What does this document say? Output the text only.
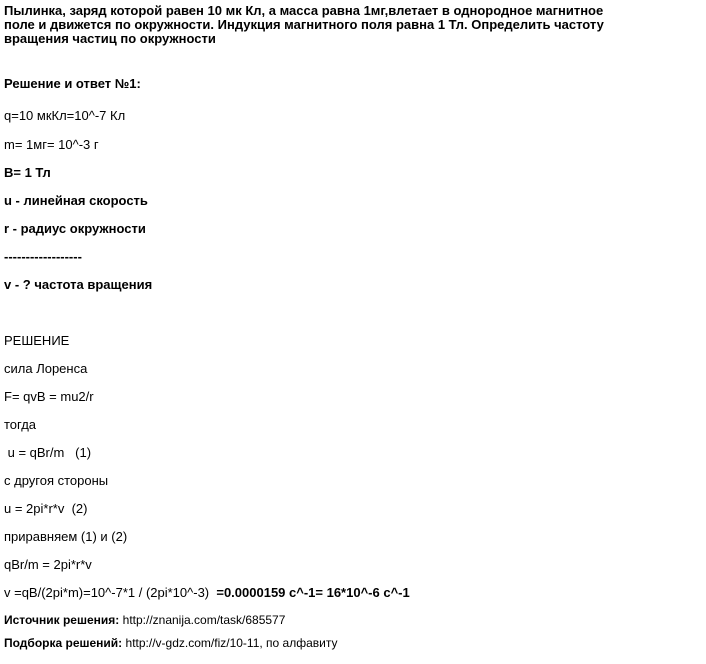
Пылинка, заряд которой равен 10 мк Кл, а масса равна 1мг,влетает в однородное магнитное
поле и движется по окружности. Индукция магнитного поля равна 1 Тл. Определить частоту
вращения частиц по окружности
Решение и ответ №1:
q=10 мкКл=10^-7 Кл
m= 1мг= 10^-3 г
B= 1 Тл
u - линейная скорость
r - радиус окружности
------------------
v - ? частота вращения
РЕШЕНИЕ
сила Лоренса
F= qvB = mu2/r
тогда
u = qBr/m   (1)
с другоя стороны
u = 2pi*r*v  (2)
приравняем (1) и (2)
qBr/m = 2pi*r*v
v =qB/(2pi*m)=10^-7*1 / (2pi*10^-3)  =0.0000159 с^-1= 16*10^-6 с^-1
Источник решения: http://znanija.com/task/685577
Подборка решений: http://v-gdz.com/fiz/10-11, по алфавиту
